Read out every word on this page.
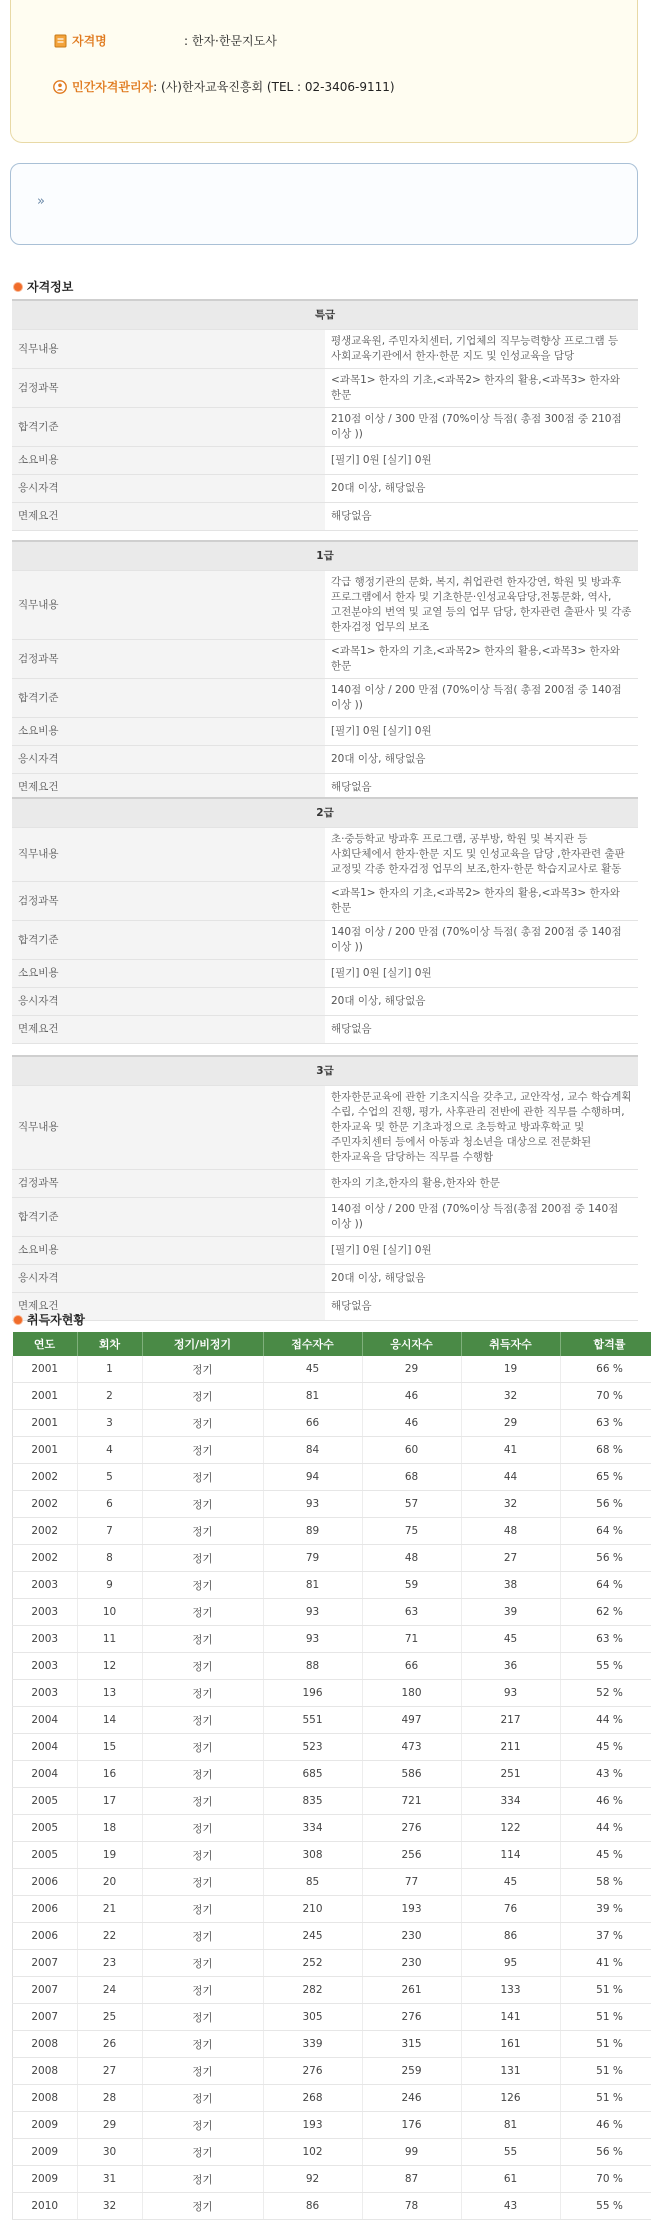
자격명	: 한자·한문지도사
민간자격관리자 : (사)한자교육진흥회 (TEL : 02-3406-9111)
»
자격정보
특급	
직무내용	평생교육원, 주민자치센터, 기업체의 직무능력향상 프로그램 등 사회교육기관에서 한자·한문 지도 및 인성교육을 담당
검정과목	<과목1> 한자의 기초,<과목2> 한자의 활용,<과목3> 한자와 한문
합격기준	210점 이상 / 300 만점 (70%이상 득점( 총점 300점 중 210점 이상 ))
소요비용	[필기] 0원 [실기] 0원
응시자격	20대 이상, 해당없음
면제요건	해당없음
1급	
직무내용	각급 행정기관의 문화, 복지, 취업관련 한자강연, 학원 및 방과후 프로그램에서 한자 및 기초한문·인성교육담당,전통문화, 역사, 고전분야의 번역 및 교열 등의 업무 담당, 한자관련 출판사 및 각종 한자검정 업무의 보조
검정과목	<과목1> 한자의 기초,<과목2> 한자의 활용,<과목3> 한자와 한문
합격기준	140점 이상 / 200 만점 (70%이상 득점( 총점 200점 중 140점 이상 ))
소요비용	[필기] 0원 [실기] 0원
응시자격	20대 이상, 해당없음
면제요건	해당없음
2급	
직무내용	초·중등학교 방과후 프로그램, 공부방, 학원 및 복지관 등 사회단체에서 한자·한문 지도 및 인성교육을 담당 ,한자관련 출판 교정및 각종 한자검정 업무의 보조,한자·한문 학습지교사로 활동
검정과목	<과목1> 한자의 기초,<과목2> 한자의 활용,<과목3> 한자와 한문
합격기준	140점 이상 / 200 만점 (70%이상 득점( 총점 200점 중 140점 이상 ))
소요비용	[필기] 0원 [실기] 0원
응시자격	20대 이상, 해당없음
면제요건	해당없음
3급	
직무내용	한자한문교육에 관한 기초지식을 갖추고, 교안작성, 교수 학습계획 수립, 수업의 진행, 평가, 사후관리 전반에 관한 직무를 수행하며, 한자교육 및 한문 기초과정으로 초등학교 방과후학교 및 주민자치센터 등에서 아동과 청소년을 대상으로 전문화된 한자교육을 담당하는 직무를 수행함
검정과목	한자의 기초,한자의 활용,한자와 한문
합격기준	140점 이상 / 200 만점 (70%이상 득점(총점 200점 중 140점 이상 ))
소요비용	[필기] 0원 [실기] 0원
응시자격	20대 이상, 해당없음
면제요건	해당없음
취득자현황
연도	회차	정기/비정기	접수자수	응시자수	취득자수	합격률
2001	1	정기	45	29	19	66 %
2001	2	정기	81	46	32	70 %
2001	3	정기	66	46	29	63 %
2001	4	정기	84	60	41	68 %
2002	5	정기	94	68	44	65 %
2002	6	정기	93	57	32	56 %
2002	7	정기	89	75	48	64 %
2002	8	정기	79	48	27	56 %
2003	9	정기	81	59	38	64 %
2003	10	정기	93	63	39	62 %
2003	11	정기	93	71	45	63 %
2003	12	정기	88	66	36	55 %
2003	13	정기	196	180	93	52 %
2004	14	정기	551	497	217	44 %
2004	15	정기	523	473	211	45 %
2004	16	정기	685	586	251	43 %
2005	17	정기	835	721	334	46 %
2005	18	정기	334	276	122	44 %
2005	19	정기	308	256	114	45 %
2006	20	정기	85	77	45	58 %
2006	21	정기	210	193	76	39 %
2006	22	정기	245	230	86	37 %
2007	23	정기	252	230	95	41 %
2007	24	정기	282	261	133	51 %
2007	25	정기	305	276	141	51 %
2008	26	정기	339	315	161	51 %
2008	27	정기	276	259	131	51 %
2008	28	정기	268	246	126	51 %
2009	29	정기	193	176	81	46 %
2009	30	정기	102	99	55	56 %
2009	31	정기	92	87	61	70 %
2010	32	정기	86	78	43	55 %
